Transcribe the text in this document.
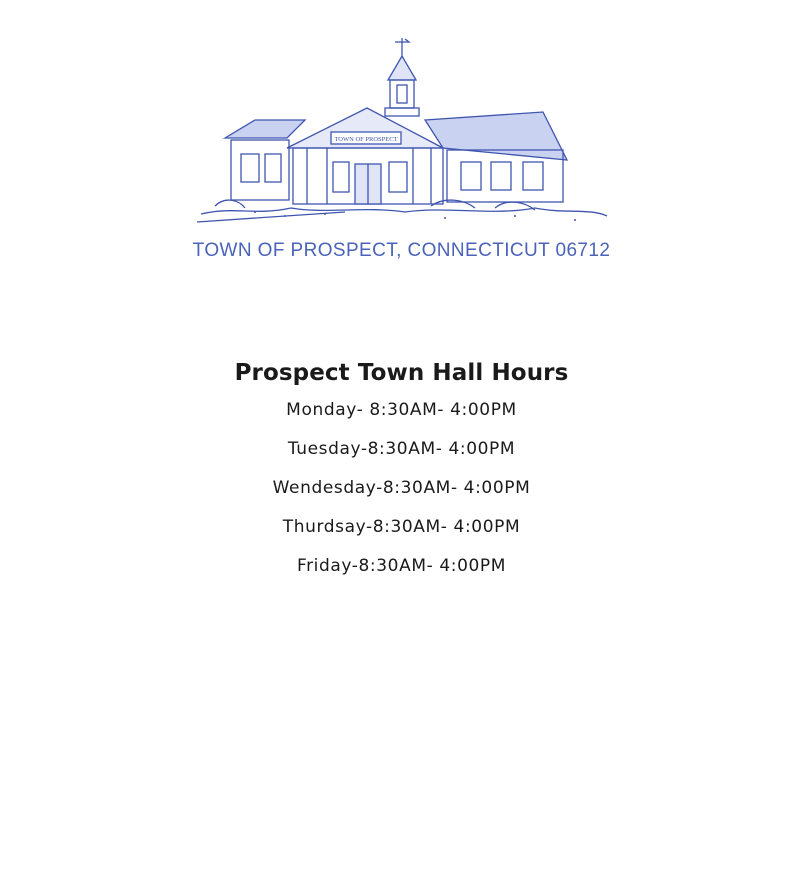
TOWN OF PROSPECT
TOWN OF PROSPECT, CONNECTICUT 06712
Prospect Town Hall Hours
Monday- 8:30AM- 4:00PM
Tuesday-8:30AM- 4:00PM
Wendesday-8:30AM- 4:00PM
Thurdsay-8:30AM- 4:00PM
Friday-8:30AM- 4:00PM
